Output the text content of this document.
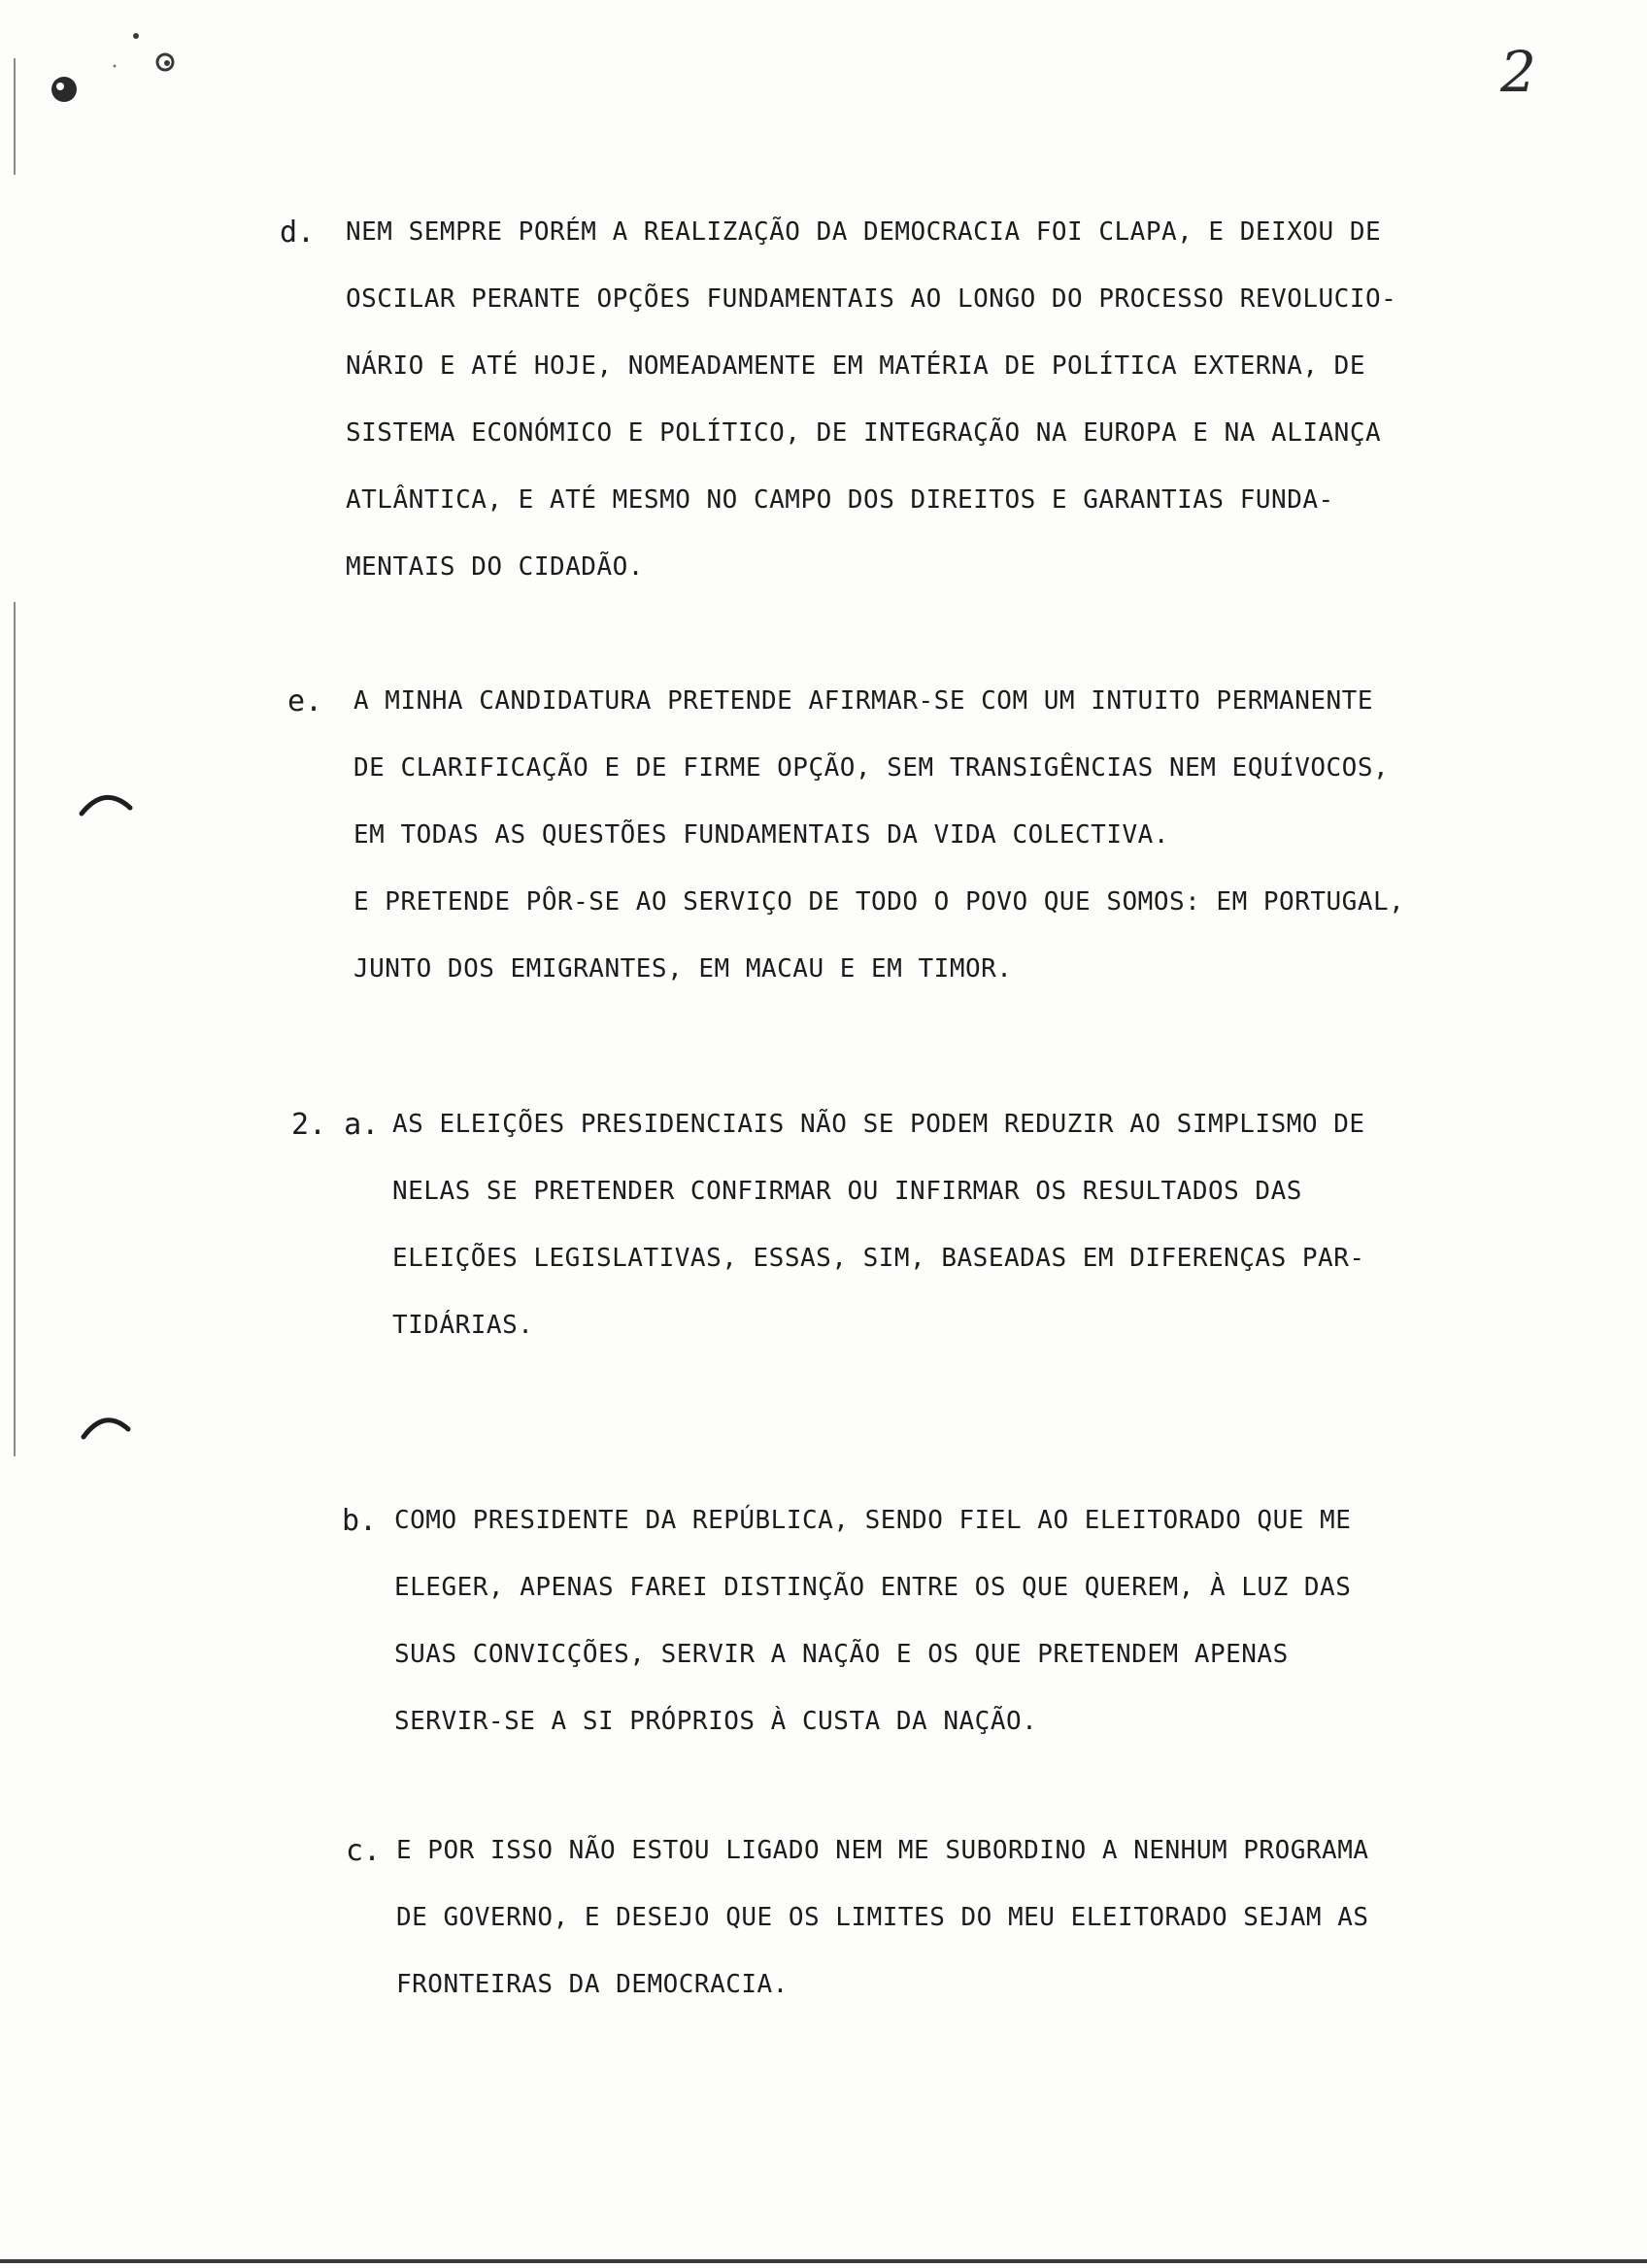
2
d. NEM SEMPRE PORÉM A REALIZAÇÃO DA DEMOCRACIA FOI CLAPA, E DEIXOU DE
OSCILAR PERANTE OPÇÕES FUNDAMENTAIS AO LONGO DO PROCESSO REVOLUCIO-
NÁRIO E ATÉ HOJE, NOMEADAMENTE EM MATÉRIA DE POLÍTICA EXTERNA, DE
SISTEMA ECONÓMICO E POLÍTICO, DE INTEGRAÇÃO NA EUROPA E NA ALIANÇA
ATLÂNTICA, E ATÉ MESMO NO CAMPO DOS DIREITOS E GARANTIAS FUNDA-
MENTAIS DO CIDADÃO.
e. A MINHA CANDIDATURA PRETENDE AFIRMAR-SE COM UM INTUITO PERMANENTE
DE CLARIFICAÇÃO E DE FIRME OPÇÃO, SEM TRANSIGÊNCIAS NEM EQUÍVOCOS,
EM TODAS AS QUESTÕES FUNDAMENTAIS DA VIDA COLECTIVA.
E PRETENDE PÔR-SE AO SERVIÇO DE TODO O POVO QUE SOMOS: EM PORTUGAL,
JUNTO DOS EMIGRANTES, EM MACAU E EM TIMOR.
2. a. AS ELEIÇÕES PRESIDENCIAIS NÃO SE PODEM REDUZIR AO SIMPLISMO DE
NELAS SE PRETENDER CONFIRMAR OU INFIRMAR OS RESULTADOS DAS
ELEIÇÕES LEGISLATIVAS, ESSAS, SIM, BASEADAS EM DIFERENÇAS PAR-
TIDÁRIAS.
b. COMO PRESIDENTE DA REPÚBLICA, SENDO FIEL AO ELEITORADO QUE ME
ELEGER, APENAS FAREI DISTINÇÃO ENTRE OS QUE QUEREM, À LUZ DAS
SUAS CONVICÇÕES, SERVIR A NAÇÃO E OS QUE PRETENDEM APENAS
SERVIR-SE A SI PRÓPRIOS À CUSTA DA NAÇÃO.
c. E POR ISSO NÃO ESTOU LIGADO NEM ME SUBORDINO A NENHUM PROGRAMA
DE GOVERNO, E DESEJO QUE OS LIMITES DO MEU ELEITORADO SEJAM AS
FRONTEIRAS DA DEMOCRACIA.
